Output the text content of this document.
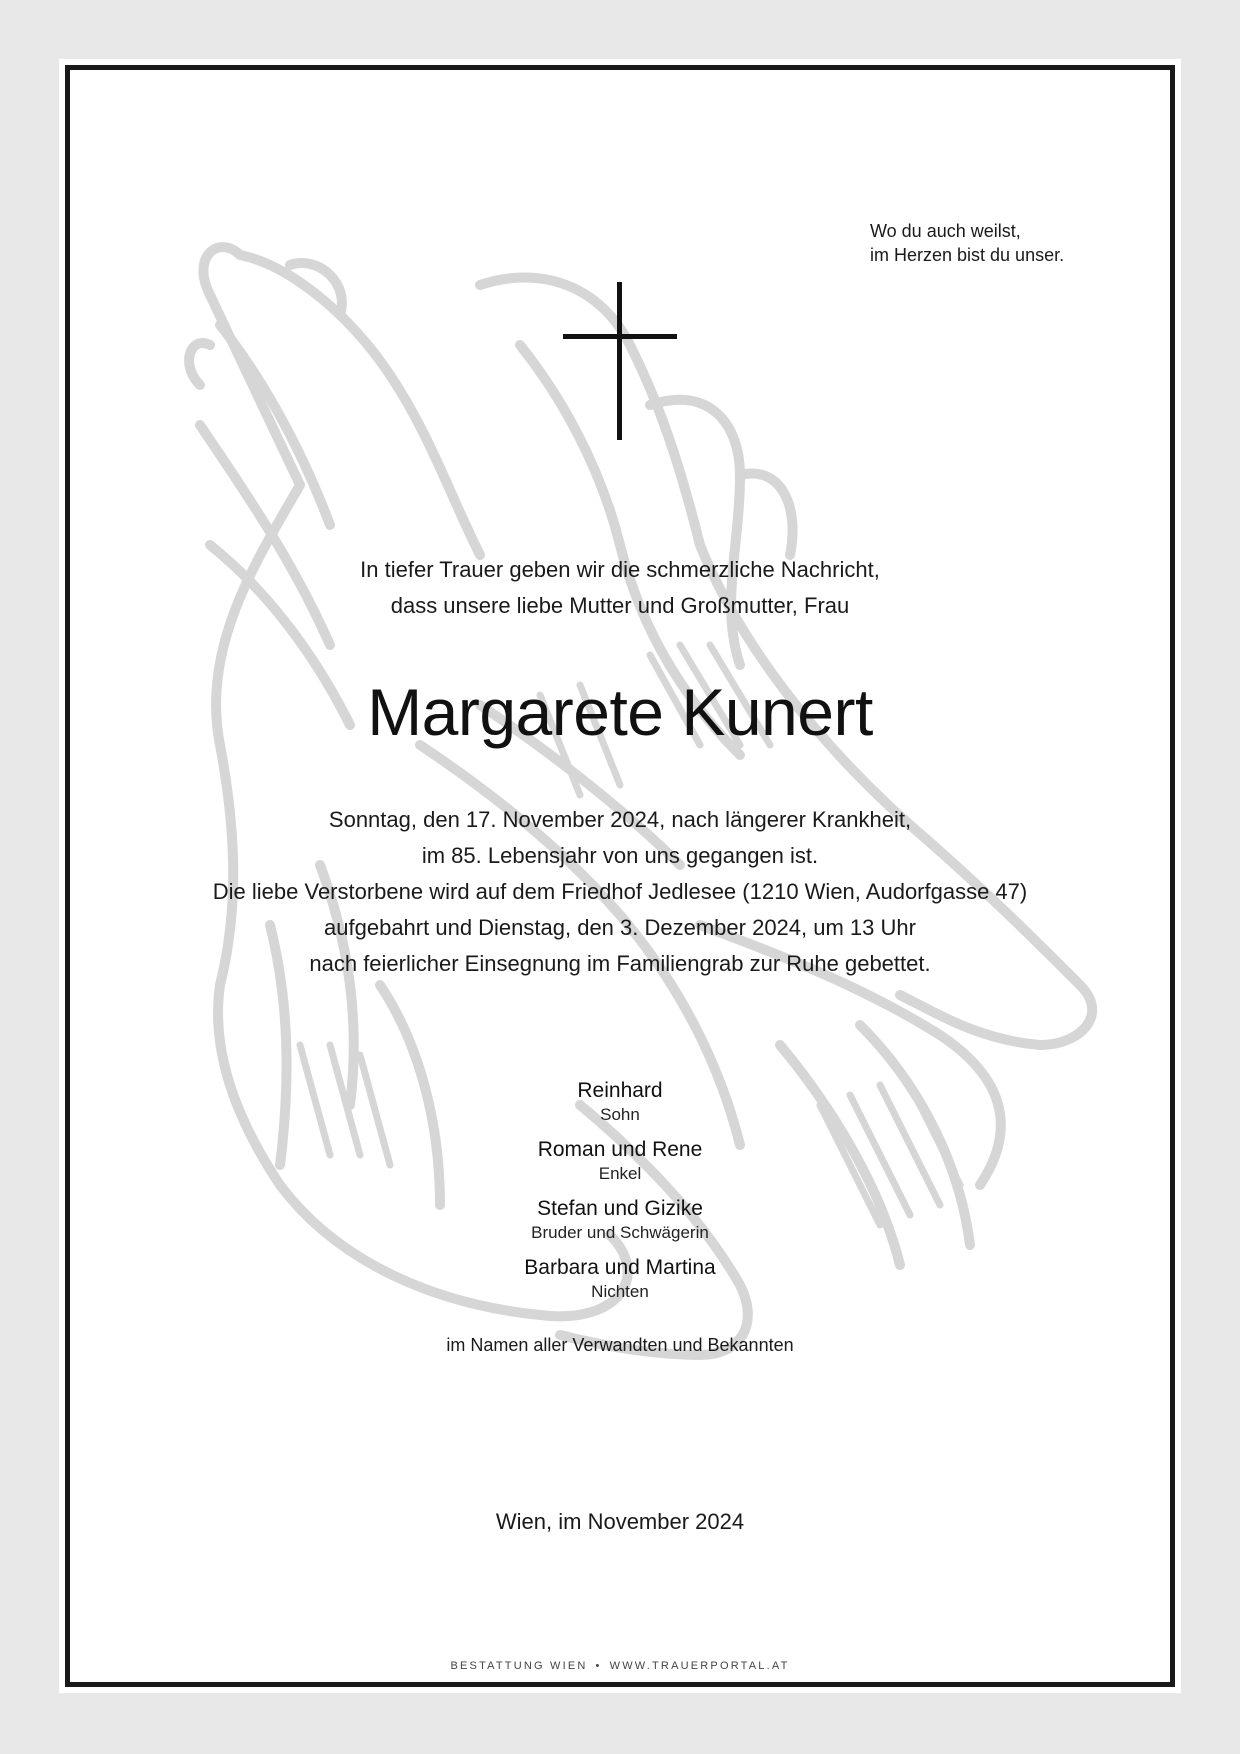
Wo du auch weilst,
im Herzen bist du unser.
In tiefer Trauer geben wir die schmerzliche Nachricht,
dass unsere liebe Mutter und Großmutter, Frau
Margarete Kunert
Sonntag, den 17. November 2024, nach längerer Krankheit,
im 85. Lebensjahr von uns gegangen ist.
Die liebe Verstorbene wird auf dem Friedhof Jedlesee (1210 Wien, Audorfgasse 47)
aufgebahrt und Dienstag, den 3. Dezember 2024, um 13 Uhr
nach feierlicher Einsegnung im Familiengrab zur Ruhe gebettet.
Reinhard
Sohn
Roman und Rene
Enkel
Stefan und Gizike
Bruder und Schwägerin
Barbara und Martina
Nichten
im Namen aller Verwandten und Bekannten
Wien, im November 2024
BESTATTUNG WIEN • WWW.TRAUERPORTAL.AT
